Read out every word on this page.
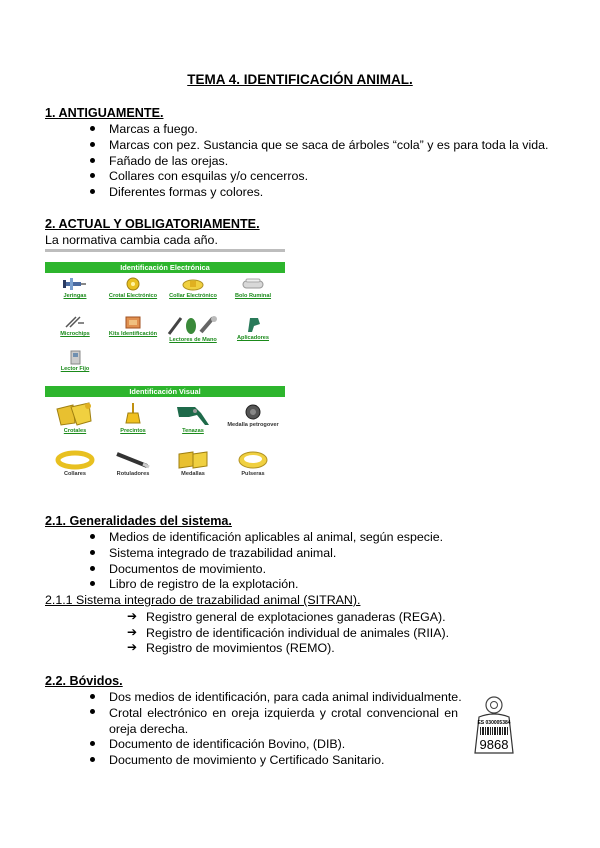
TEMA 4. IDENTIFICACIÓN ANIMAL.
1. ANTIGUAMENTE.
Marcas a fuego.
Marcas con pez. Sustancia que se saca de árboles “cola” y es para toda la vida.
Fañado de las orejas.
Collares con esquilas y/o cencerros.
Diferentes formas y colores.
2. ACTUAL Y OBLIGATORIAMENTE.
La normativa cambia cada año.
Identificación Electrónica
Jeringas	Crotal Electrónico	Collar Electrónico	Bolo Ruminal
Microchips	Kits Identificación
Lectores de Mano	Aplicadores
Lector Fijo
Identificación Visual
Crotales	Precintos	Tenazas
Medalla petrogover
Collares	Rotuladores	Medallas	Pulseras
2.1. Generalidades del sistema.
Medios de identificación aplicables al animal, según especie.
Sistema integrado de trazabilidad animal.
Documentos de movimiento.
Libro de registro de la explotación.
2.1.1 Sistema integrado de trazabilidad animal (SITRAN).
➔ Registro general de explotaciones ganaderas (REGA).
➔ Registro de identificación individual de animales (RIIA).
➔ Registro de movimientos (REMO).
2.2. Bóvidos.
Dos medios de identificación, para cada animal individualmente.
Crotal electrónico en oreja izquierda y crotal convencional en oreja derecha.
Documento de identificación Bovino, (DIB).
Documento de movimiento y Certificado Sanitario.
ES 030005384
9868
